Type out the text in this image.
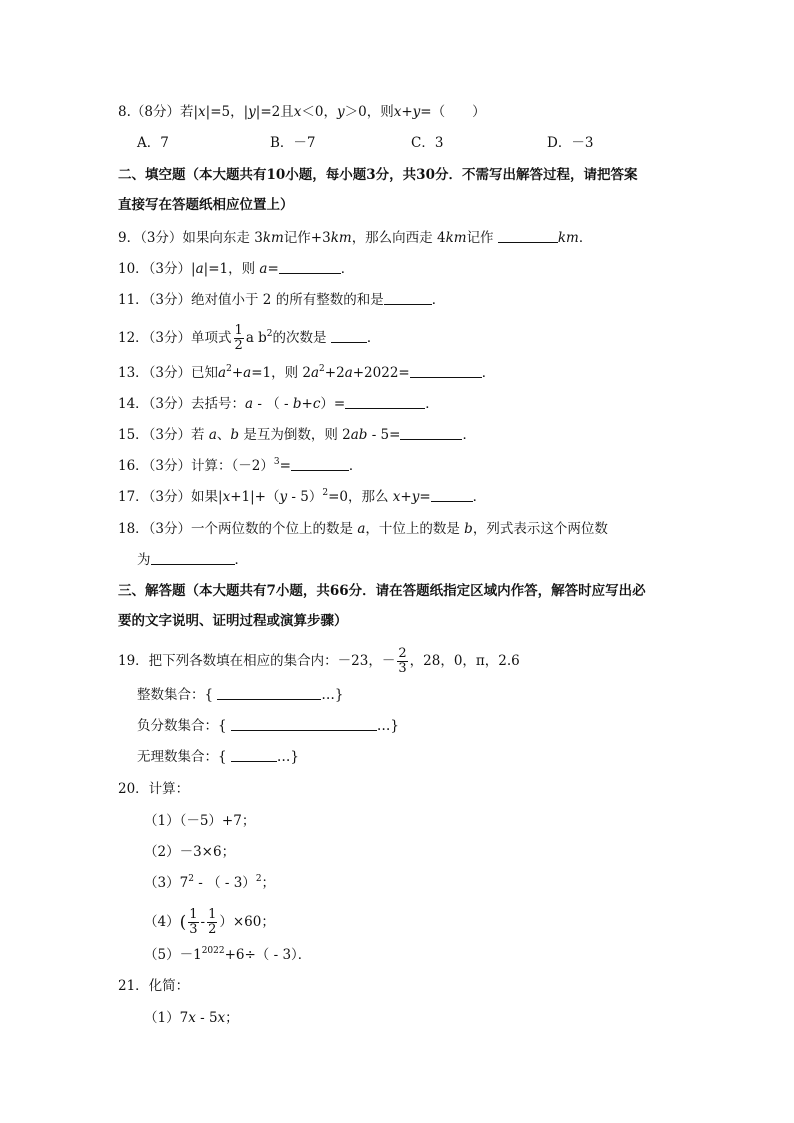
8.（8分）若|x|=5，|y|=2且x＜0，y＞0，则x+y=（　　）
A．7	B．－7	C．3	D．－3
二、填空题（本大题共有10小题，每小题3分，共30分．不需写出解答过程，请把答案
直接写在答题纸相应位置上）
9．（3分）如果向东走 3km记作+3km，那么向西走 4km记作	km．
10．（3分）|a|=1，则 a=	．
11．（3分）绝对值小于 2 的所有整数的和是	．
12．（3分）单项式 $\frac{1}{2}$ a $b^2$的次数是	．
13．（3分）已知$a^2+a=1$，则 $2a^2+2a+2022=$	．
14．（3分）去括号：a - （ - b+c）=	．
15．（3分）若 a、b 是互为倒数，则 2ab - 5=	．
16．（3分）计算：$(-2)^3=$	．
17．（3分）如果|x+1|+（y - 5）$^2$=0，那么 x+y=	．
18．（3分）一个两位数的个位上的数是 a，十位上的数是 b，列式表示这个两位数
为	．
三、解答题（本大题共有7小题，共66分．请在答题纸指定区域内作答，解答时应写出必
要的文字说明、证明过程或演算步骤）
19．把下列各数填在相应的集合内：－23，－ $\frac{2}{3}$ ，28，0，π，2.6
整数集合：{	…}
负分数集合：{	…}
无理数集合：{	…}
20．计算：
（1）（－5）+7；
（2）－3×6；
$(3)7^2$ - （ - 3）$^2$；
$(4)( \frac{1}{3} - \frac{1}{2} )\times 60$；
$(5)-1^{2022}+6\div( - 3)$．
21．化简：
（1）7x - 5x；
